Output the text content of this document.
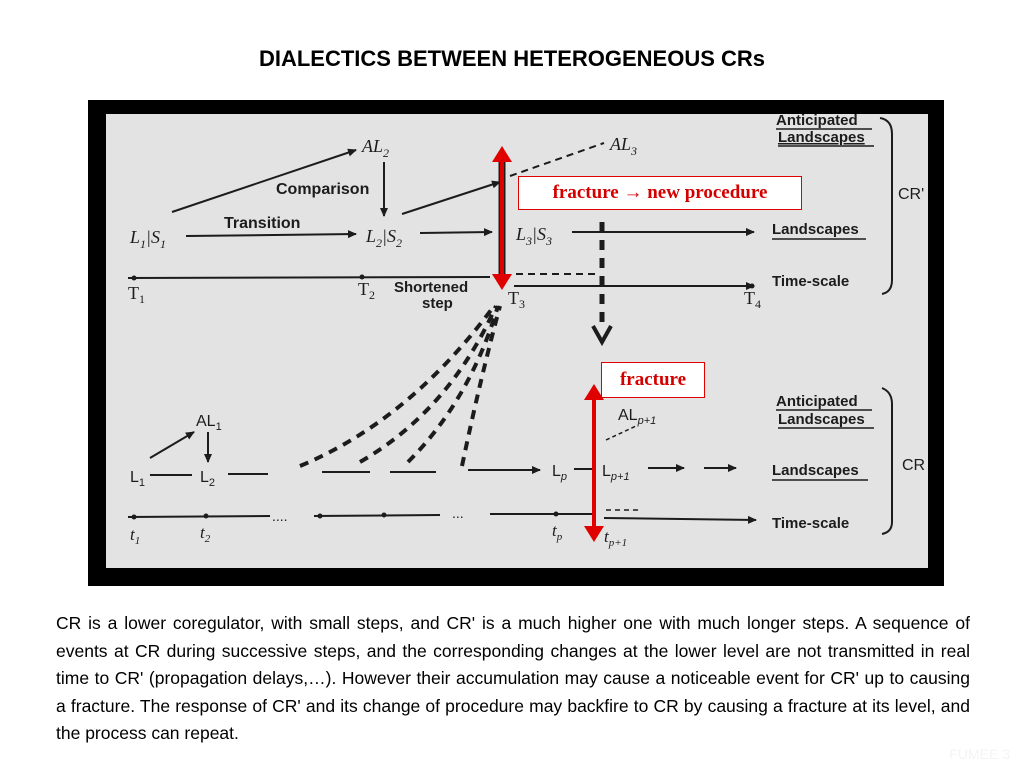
DIALECTICS BETWEEN HETEROGENEOUS CRs
$AL_2$	$AL_3$
Comparison
Transition
$L_1|S_1$	$L_2|S_2$	$L_3|S_3$
$T_1$	$T_2$	$T_3$	$T_4$
Shortened
step
Anticipated
Landscapes
Landscapes
Time-scale
CR'
$AL_1$
$L_1$	$L_2$
$L_p$ $L_{p+1}$
$AL_{p+1}$
....	...
$t_1$	$t_2$	$t_p$ $t_{p+1}$
Anticipated
Landscapes
Landscapes
Time-scale
CR
fracture → new procedure
fracture
CR is a lower coregulator, with small steps, and CR' is a much higher one with much longer steps. A sequence of events at CR during successive steps, and the corresponding changes at the lower level are not transmitted in real time to CR' (propagation delays,…). However their accumulation may cause a noticeable event for CR' up to causing a fracture. The response of CR' and its change of procedure may backfire to CR by causing a fracture at its level, and the process can repeat.
FUMEE 3
